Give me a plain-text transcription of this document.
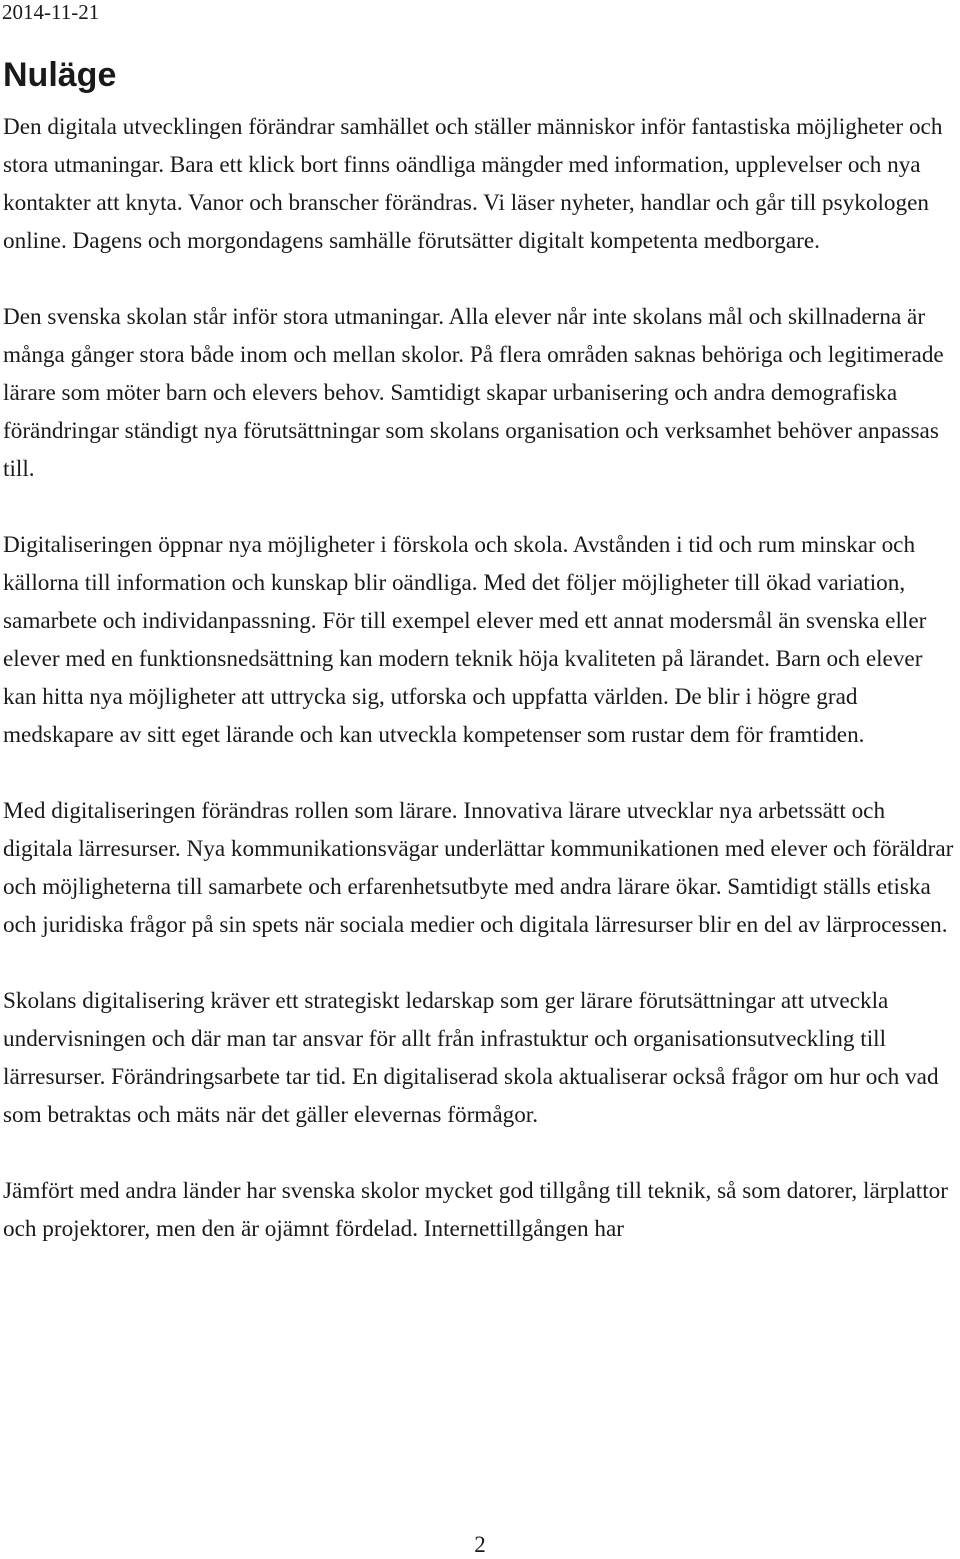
2014-11-21
Nuläge

Den digitala utvecklingen förändrar samhället och ställer människor inför fantastiska möjligheter och stora utmaningar. Bara ett klick bort finns oändliga mängder med information, upplevelser och nya kontakter att knyta. Vanor och branscher förändras. Vi läser nyheter, handlar och går till psykologen online. Dagens och morgondagens samhälle förutsätter digitalt kompetenta medborgare.

Den svenska skolan står inför stora utmaningar. Alla elever når inte skolans mål och skillnaderna är många gånger stora både inom och mellan skolor. På flera områden saknas behöriga och legitimerade lärare som möter barn och elevers behov. Samtidigt skapar urbanisering och andra demografiska förändringar ständigt nya förutsättningar som skolans organisation och verksamhet behöver anpassas till.

Digitaliseringen öppnar nya möjligheter i förskola och skola. Avstånden i tid och rum minskar och källorna till information och kunskap blir oändliga. Med det följer möjligheter till ökad variation, samarbete och individanpassning. För till exempel elever med ett annat modersmål än svenska eller elever med en funktionsnedsättning kan modern teknik höja kvaliteten på lärandet. Barn och elever kan hitta nya möjligheter att uttrycka sig, utforska och uppfatta världen. De blir i högre grad medskapare av sitt eget lärande och kan utveckla kompetenser som rustar dem för framtiden.

Med digitaliseringen förändras rollen som lärare. Innovativa lärare utvecklar nya arbetssätt och digitala lärresurser. Nya kommunikationsvägar underlättar kommunikationen med elever och föräldrar och möjligheterna till samarbete och erfarenhetsutbyte med andra lärare ökar. Samtidigt ställs etiska och juridiska frågor på sin spets när sociala medier och digitala lärresurser blir en del av lärprocessen.

Skolans digitalisering kräver ett strategiskt ledarskap som ger lärare förutsättningar att utveckla undervisningen och där man tar ansvar för allt från infrastuktur och organisationsutveckling till lärresurser. Förändringsarbete tar tid. En digitaliserad skola aktualiserar också frågor om hur och vad som betraktas och mäts när det gäller elevernas förmågor.

Jämfört med andra länder har svenska skolor mycket god tillgång till teknik, så som datorer, lärplattor och projektorer, men den är ojämnt fördelad. Internettillgången har

2
